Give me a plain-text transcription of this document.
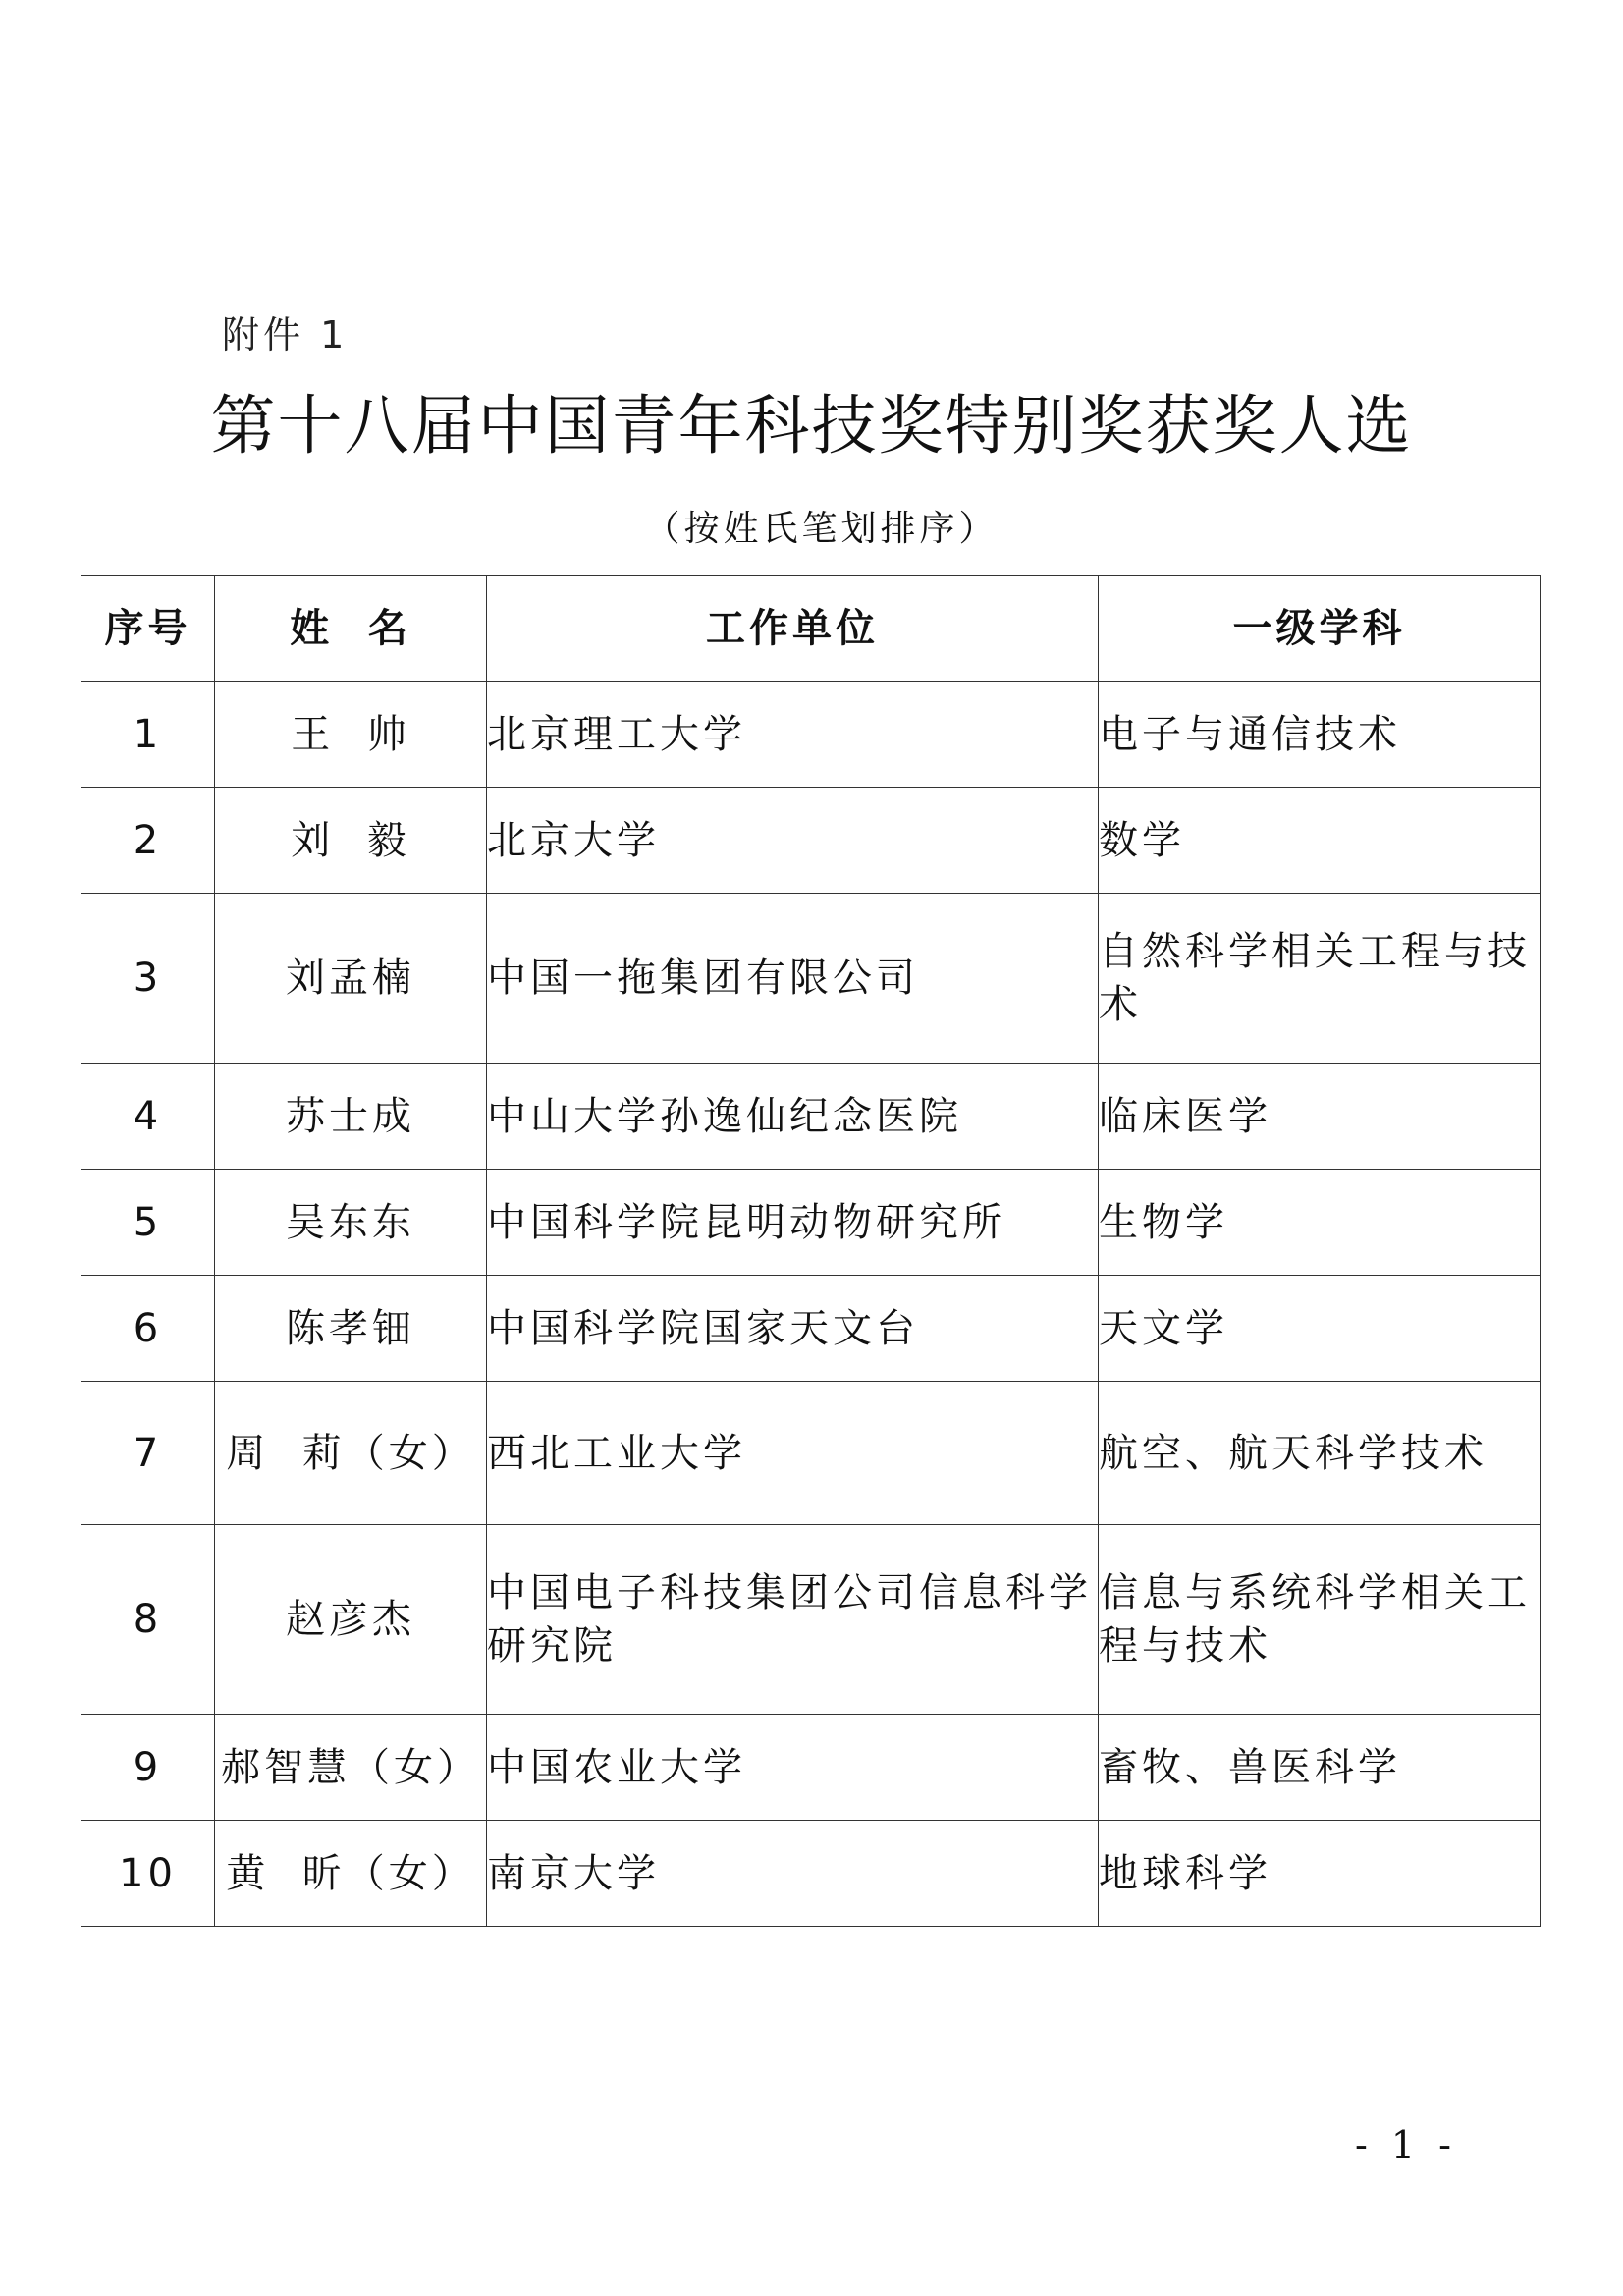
附件 1
第十八届中国青年科技奖特别奖获奖人选
（按姓氏笔划排序）
序号	姓  名	工作单位	一级学科
1	王  帅	北京理工大学	电子与通信技术
2	刘  毅	北京大学	数学
3	刘孟楠	中国一拖集团有限公司	自然科学相关工程与技术
4	苏士成	中山大学孙逸仙纪念医院	临床医学
5	吴东东	中国科学院昆明动物研究所	生物学
6	陈孝钿	中国科学院国家天文台	天文学
7	周  莉（女）	西北工业大学	航空、航天科学技术
8	赵彦杰	中国电子科技集团公司信息科学研究院	信息与系统科学相关工程与技术
9	郝智慧（女）	中国农业大学	畜牧、兽医科学
10	黄  昕（女）	南京大学	地球科学
- 1 -
